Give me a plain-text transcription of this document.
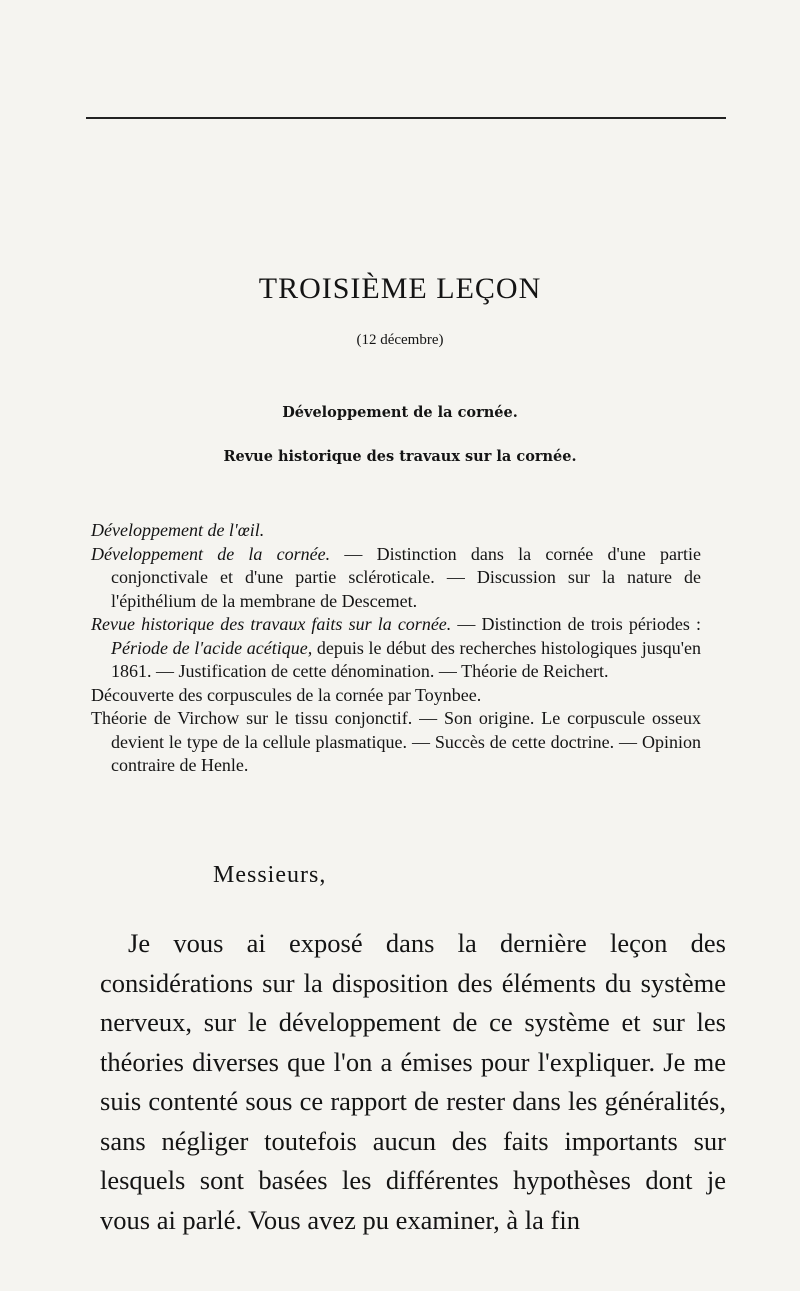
TROISIÈME LEÇON
(12 décembre)
Développement de la cornée.
Revue historique des travaux sur la cornée.

Développement de l'œil.

Développement de la cornée. — Distinction dans la cornée d'une partie conjonctivale et d'une partie scléroticale. — Discussion sur la nature de l'épithélium de la membrane de Descemet.

Revue historique des travaux faits sur la cornée. — Distinction de trois périodes : Période de l'acide acétique, depuis le début des recherches histologiques jusqu'en 1861. — Justification de cette dénomination. — Théorie de Reichert.

Découverte des corpuscules de la cornée par Toynbee.

Théorie de Virchow sur le tissu conjonctif. — Son origine. Le corpuscule osseux devient le type de la cellule plasmatique. — Succès de cette doctrine. — Opinion contraire de Henle.

Messieurs,

Je vous ai exposé dans la dernière leçon des considérations sur la disposition des éléments du système nerveux, sur le développement de ce système et sur les théories diverses que l'on a émises pour l'expliquer. Je me suis contenté sous ce rapport de rester dans les généralités, sans négliger toutefois aucun des faits importants sur lesquels sont basées les différentes hypothèses dont je vous ai parlé. Vous avez pu examiner, à la fin
